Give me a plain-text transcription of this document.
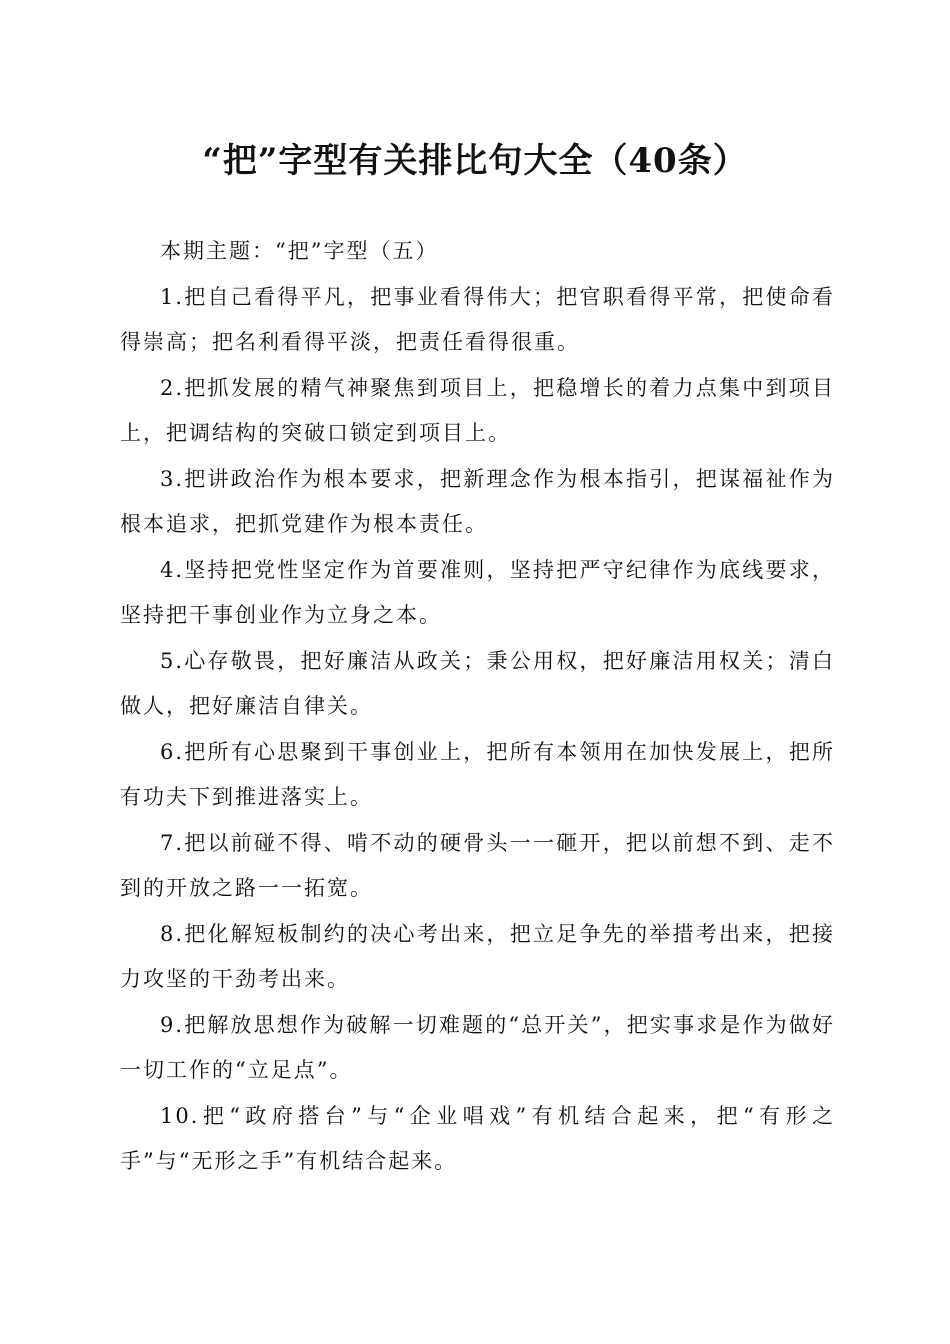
“把”字型有关排比句大全（40条）

本期主题：“把”字型（五）

1.把自己看得平凡，把事业看得伟大；把官职看得平常，把使命看得崇高；把名利看得平淡，把责任看得很重。

2.把抓发展的精气神聚焦到项目上，把稳增长的着力点集中到项目上，把调结构的突破口锁定到项目上。

3.把讲政治作为根本要求，把新理念作为根本指引，把谋福祉作为根本追求，把抓党建作为根本责任。

4.坚持把党性坚定作为首要准则，坚持把严守纪律作为底线要求，坚持把干事创业作为立身之本。

5.心存敬畏，把好廉洁从政关；秉公用权，把好廉洁用权关；清白做人，把好廉洁自律关。

6.把所有心思聚到干事创业上，把所有本领用在加快发展上，把所有功夫下到推进落实上。

7.把以前碰不得、啃不动的硬骨头一一砸开，把以前想不到、走不到的开放之路一一拓宽。

8.把化解短板制约的决心考出来，把立足争先的举措考出来，把接力攻坚的干劲考出来。

9.把解放思想作为破解一切难题的“总开关”，把实事求是作为做好一切工作的“立足点”。

10.把“政府搭台”与“企业唱戏”有机结合起来，把“有形之手”与“无形之手”有机结合起来。
